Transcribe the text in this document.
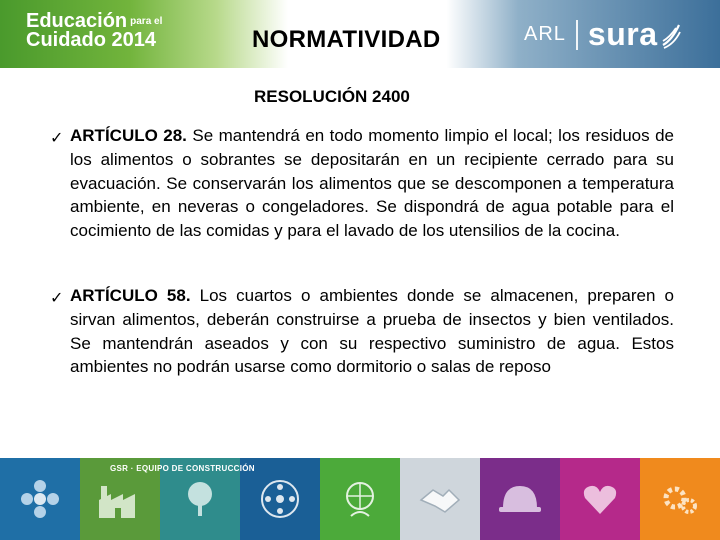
Educación para el
Cuidado 2014	NORMATIVIDAD	ARL sura
RESOLUCIÓN 2400
✓ ARTÍCULO 28. Se mantendrá en todo momento limpio el local; los residuos de los alimentos o sobrantes se depositarán en un recipiente cerrado para su evacuación. Se conservarán los alimentos que se descomponen a temperatura ambiente, en neveras o congeladores. Se dispondrá de agua potable para el cocimiento de las comidas y para el lavado de los utensilios de la cocina.
✓ ARTÍCULO 58. Los cuartos o ambientes donde se almacenen, preparen o sirvan alimentos, deberán construirse a prueba de insectos y bien ventilados. Se mantendrán aseados y con su respectivo suministro de agua. Estos ambientes no podrán usarse como dormitorio o salas de reposo
GSR · EQUIPO DE CONSTRUCCIÓN
